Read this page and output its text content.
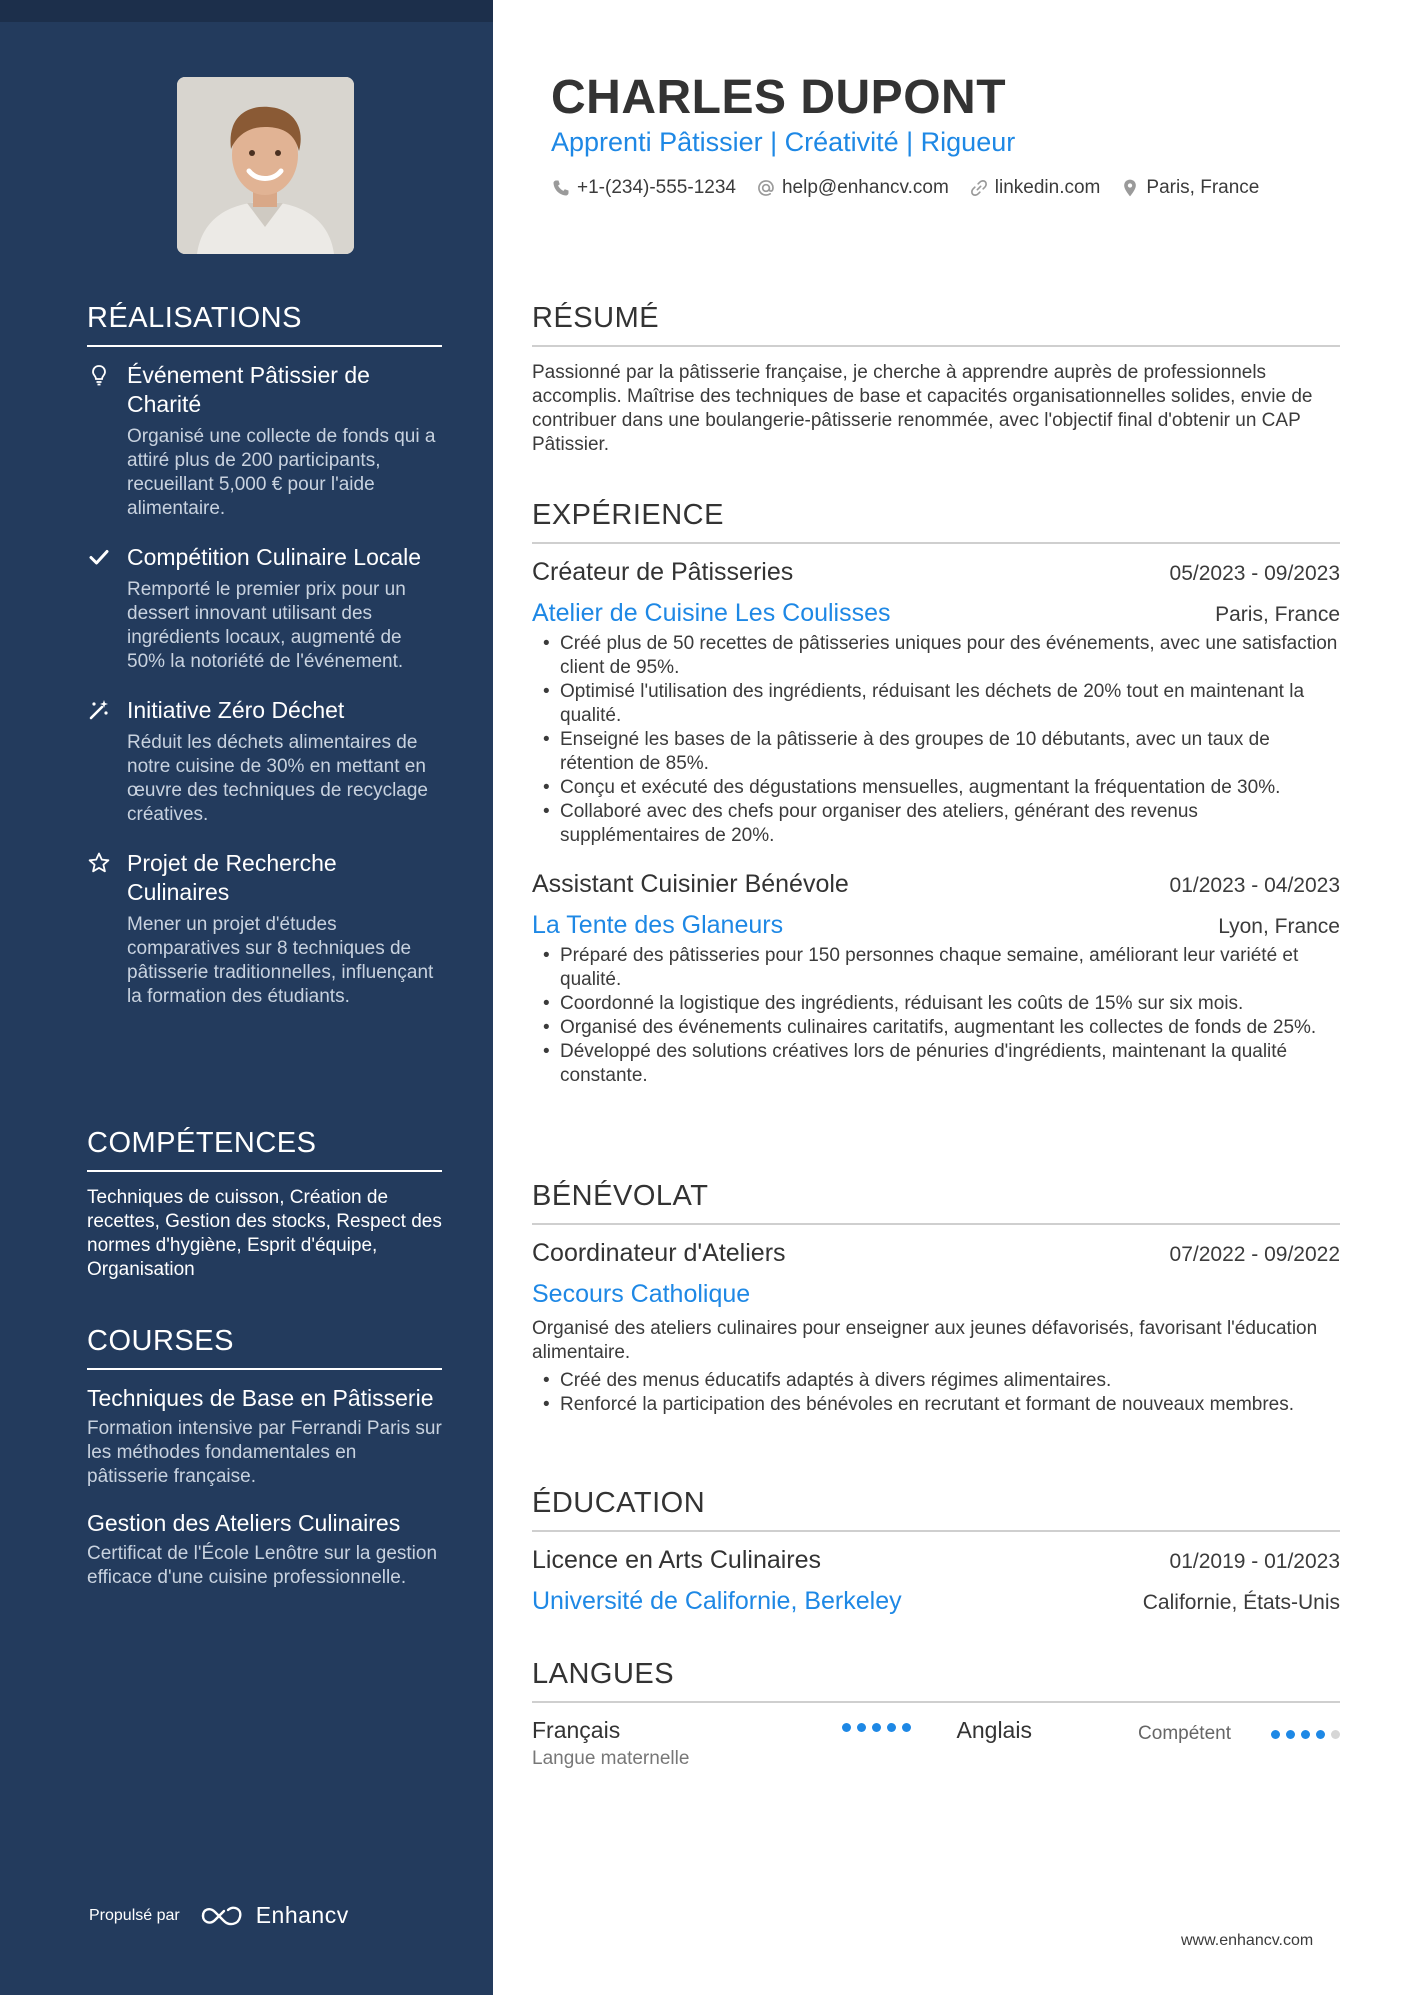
RÉALISATIONS
Événement Pâtissier de Charité
Organisé une collecte de fonds qui a attiré plus de 200 participants, recueillant 5,000 € pour l'aide alimentaire.
Compétition Culinaire Locale
Remporté le premier prix pour un dessert innovant utilisant des ingrédients locaux, augmenté de 50% la notoriété de l'événement.
Initiative Zéro Déchet
Réduit les déchets alimentaires de notre cuisine de 30% en mettant en œuvre des techniques de recyclage créatives.
Projet de Recherche Culinaires
Mener un projet d'études comparatives sur 8 techniques de pâtisserie traditionnelles, influençant la formation des étudiants.
COMPÉTENCES
Techniques de cuisson, Création de recettes, Gestion des stocks, Respect des normes d'hygiène, Esprit d'équipe, Organisation
COURSES
Techniques de Base en Pâtisserie
Formation intensive par Ferrandi Paris sur les méthodes fondamentales en pâtisserie française.
Gestion des Ateliers Culinaires
Certificat de l'École Lenôtre sur la gestion efficace d'une cuisine professionnelle.
Propulsé par	Enhancv
CHARLES DUPONT
Apprenti Pâtissier | Créativité | Rigueur
+1-(234)-555-1234 help@enhancv.com linkedin.com Paris, France
RÉSUMÉ
Passionné par la pâtisserie française, je cherche à apprendre auprès de professionnels accomplis. Maîtrise des techniques de base et capacités organisationnelles solides, envie de contribuer dans une boulangerie-pâtisserie renommée, avec l'objectif final d'obtenir un CAP Pâtissier.
EXPÉRIENCE
Créateur de Pâtisseries	05/2023 - 09/2023
Atelier de Cuisine Les Coulisses	Paris, France
• Créé plus de 50 recettes de pâtisseries uniques pour des événements, avec une satisfaction client de 95%.
• Optimisé l'utilisation des ingrédients, réduisant les déchets de 20% tout en maintenant la qualité.
• Enseigné les bases de la pâtisserie à des groupes de 10 débutants, avec un taux de rétention de 85%.
• Conçu et exécuté des dégustations mensuelles, augmentant la fréquentation de 30%.
• Collaboré avec des chefs pour organiser des ateliers, générant des revenus supplémentaires de 20%.
Assistant Cuisinier Bénévole	01/2023 - 04/2023
La Tente des Glaneurs	Lyon, France
• Préparé des pâtisseries pour 150 personnes chaque semaine, améliorant leur variété et qualité.
• Coordonné la logistique des ingrédients, réduisant les coûts de 15% sur six mois.
• Organisé des événements culinaires caritatifs, augmentant les collectes de fonds de 25%.
• Développé des solutions créatives lors de pénuries d'ingrédients, maintenant la qualité constante.
BÉNÉVOLAT
Coordinateur d'Ateliers	07/2022 - 09/2022
Secours Catholique
Organisé des ateliers culinaires pour enseigner aux jeunes défavorisés, favorisant l'éducation alimentaire.
• Créé des menus éducatifs adaptés à divers régimes alimentaires.
• Renforcé la participation des bénévoles en recrutant et formant de nouveaux membres.
ÉDUCATION
Licence en Arts Culinaires	01/2019 - 01/2023
Université de Californie, Berkeley	Californie, États-Unis
LANGUES
Français
Langue maternelle
Anglais	Compétent
www.enhancv.com
